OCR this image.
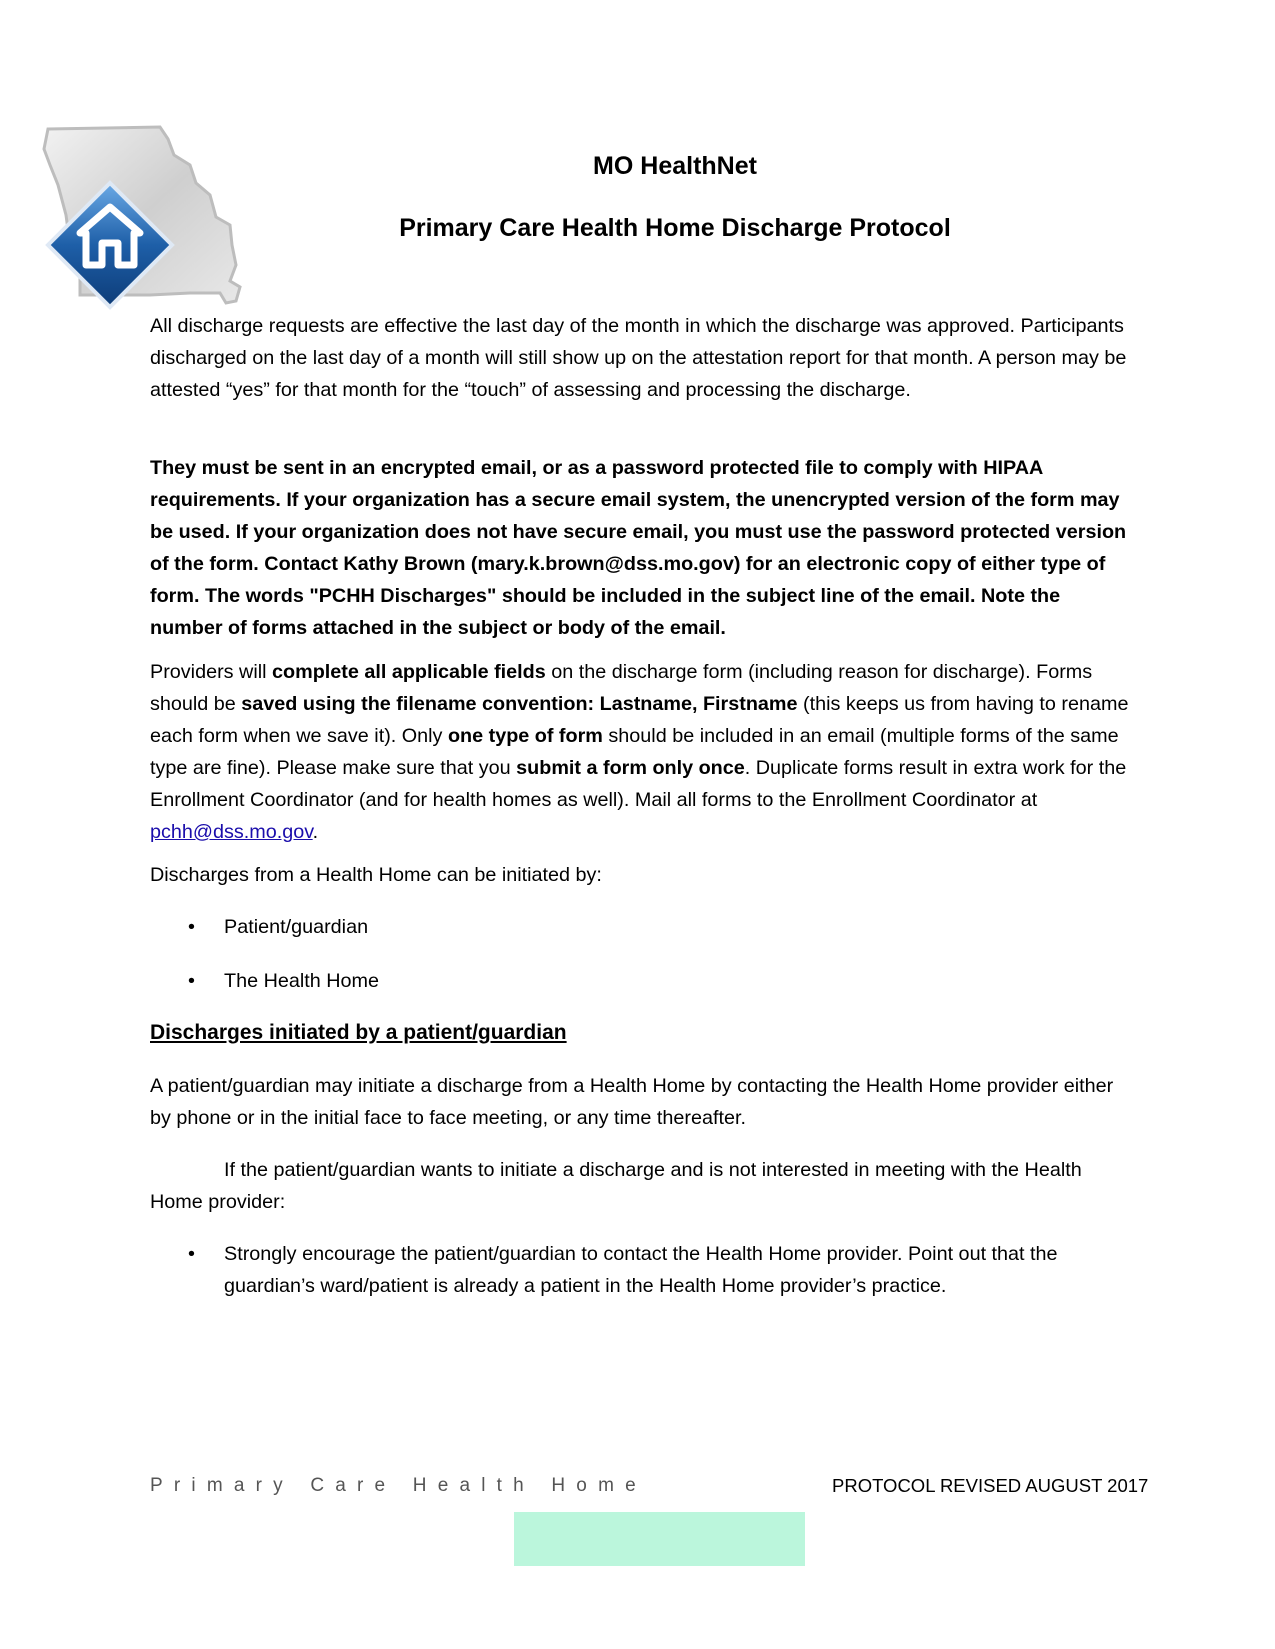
MO HealthNet
Primary Care Health Home Discharge Protocol

All discharge requests are effective the last day of the month in which the discharge was approved. Participants discharged on the last day of a month will still show up on the attestation report for that month. A person may be attested “yes” for that month for the “touch” of assessing and processing the discharge.

They must be sent in an encrypted email, or as a password protected file to comply with HIPAA requirements. If your organization has a secure email system, the unencrypted version of the form may be used. If your organization does not have secure email, you must use the password protected version of the form. Contact Kathy Brown (mary.k.brown@dss.mo.gov) for an electronic copy of either type of form. The words "PCHH Discharges" should be included in the subject line of the email. Note the number of forms attached in the subject or body of the email.

Providers will complete all applicable fields on the discharge form (including reason for discharge). Forms should be saved using the filename convention: Lastname, Firstname (this keeps us from having to rename each form when we save it). Only one type of form should be included in an email (multiple forms of the same type are fine). Please make sure that you submit a form only once. Duplicate forms result in extra work for the Enrollment Coordinator (and for health homes as well). Mail all forms to the Enrollment Coordinator at pchh@dss.mo.gov.

Discharges from a Health Home can be initiated by:
• Patient/guardian
• The Health Home
Discharges initiated by a patient/guardian
A patient/guardian may initiate a discharge from a Health Home by contacting the Health Home provider either by phone or in the initial face to face meeting, or any time thereafter.
If the patient/guardian wants to initiate a discharge and is not interested in meeting with the Health Home provider:
• Strongly encourage the patient/guardian to contact the Health Home provider. Point out that the guardian’s ward/patient is already a patient in the Health Home provider’s practice.
Primary Care Health Home	PROTOCOL REVISED AUGUST 2017
